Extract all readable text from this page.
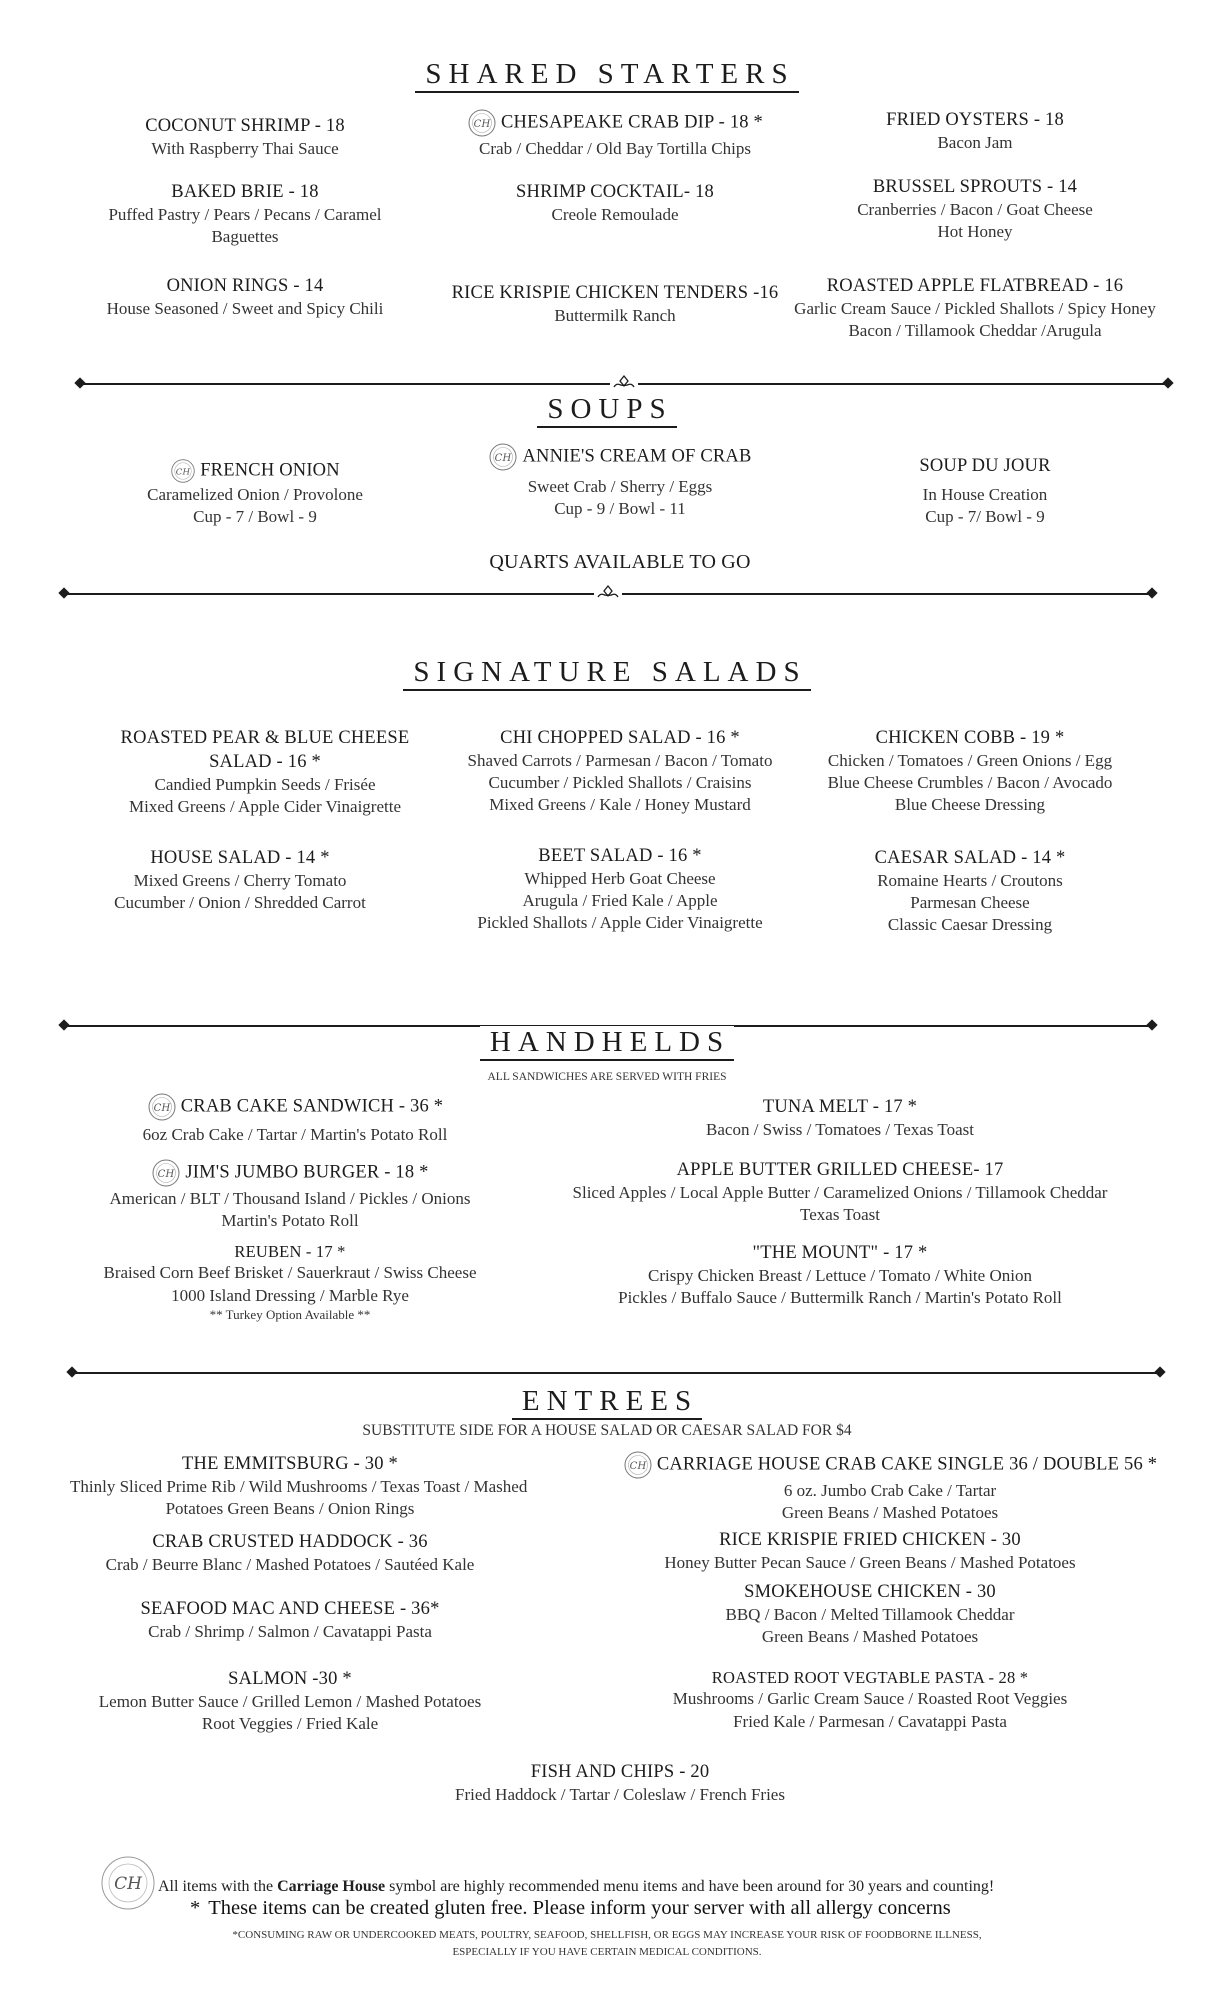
SHARED STARTERS
COCONUT SHRIMP - 18
With Raspberry Thai Sauce
CH CHESAPEAKE CRAB DIP - 18 *
Crab / Cheddar / Old Bay Tortilla Chips
FRIED OYSTERS - 18
Bacon Jam
BAKED BRIE - 18
Puffed Pastry / Pears / Pecans / Caramel
Baguettes
SHRIMP COCKTAIL- 18
Creole Remoulade
BRUSSEL SPROUTS - 14
Cranberries / Bacon / Goat Cheese
Hot Honey
ONION RINGS - 14
House Seasoned / Sweet and Spicy Chili
RICE KRISPIE CHICKEN TENDERS -16
Buttermilk Ranch
ROASTED APPLE FLATBREAD - 16
Garlic Cream Sauce / Pickled Shallots / Spicy Honey
Bacon / Tillamook Cheddar /Arugula
SOUPS
CH FRENCH ONION
Caramelized Onion / Provolone
Cup - 7 / Bowl - 9
CH ANNIE'S CREAM OF CRAB
Sweet Crab / Sherry / Eggs
Cup - 9 / Bowl - 11
SOUP DU JOUR
In House Creation
Cup - 7/ Bowl - 9
QUARTS AVAILABLE TO GO
SIGNATURE SALADS
ROASTED PEAR & BLUE CHEESE
SALAD - 16 *
Candied Pumpkin Seeds / Frisée
Mixed Greens / Apple Cider Vinaigrette
CHI CHOPPED SALAD - 16 *
Shaved Carrots / Parmesan / Bacon / Tomato
Cucumber / Pickled Shallots / Craisins
Mixed Greens / Kale / Honey Mustard
CHICKEN COBB - 19 *
Chicken / Tomatoes / Green Onions / Egg
Blue Cheese Crumbles / Bacon / Avocado
Blue Cheese Dressing
HOUSE SALAD - 14 *
Mixed Greens / Cherry Tomato
Cucumber / Onion / Shredded Carrot
BEET SALAD - 16 *
Whipped Herb Goat Cheese
Arugula / Fried Kale / Apple
Pickled Shallots / Apple Cider Vinaigrette
CAESAR SALAD - 14 *
Romaine Hearts / Croutons
Parmesan Cheese
Classic Caesar Dressing
HANDHELDS
ALL SANDWICHES ARE SERVED WITH FRIES
CH CRAB CAKE SANDWICH - 36 *
6oz Crab Cake / Tartar / Martin's Potato Roll
TUNA MELT - 17 *
Bacon / Swiss / Tomatoes / Texas Toast
CH JIM'S JUMBO BURGER - 18 *
American / BLT / Thousand Island / Pickles / Onions
Martin's Potato Roll
APPLE BUTTER GRILLED CHEESE- 17
Sliced Apples / Local Apple Butter / Caramelized Onions / Tillamook Cheddar
Texas Toast
REUBEN - 17 *
Braised Corn Beef Brisket / Sauerkraut / Swiss Cheese
1000 Island Dressing / Marble Rye
** Turkey Option Available **
"THE MOUNT" - 17 *
Crispy Chicken Breast / Lettuce / Tomato / White Onion
Pickles / Buffalo Sauce / Buttermilk Ranch / Martin's Potato Roll
ENTREES
SUBSTITUTE SIDE FOR A HOUSE SALAD OR CAESAR SALAD FOR $4
THE EMMITSBURG - 30 *
Thinly Sliced Prime Rib / Wild Mushrooms / Texas Toast / Mashed
Potatoes Green Beans / Onion Rings
CH CARRIAGE HOUSE CRAB CAKE SINGLE 36 / DOUBLE 56 *
6 oz. Jumbo Crab Cake / Tartar
Green Beans / Mashed Potatoes
CRAB CRUSTED HADDOCK - 36
Crab / Beurre Blanc / Mashed Potatoes / Sautéed Kale
RICE KRISPIE FRIED CHICKEN - 30
Honey Butter Pecan Sauce / Green Beans / Mashed Potatoes
SEAFOOD MAC AND CHEESE - 36*
Crab / Shrimp / Salmon / Cavatappi Pasta
SMOKEHOUSE CHICKEN - 30
BBQ / Bacon / Melted Tillamook Cheddar
Green Beans / Mashed Potatoes
SALMON -30 *
Lemon Butter Sauce / Grilled Lemon / Mashed Potatoes
Root Veggies / Fried Kale
ROASTED ROOT VEGTABLE PASTA - 28 *
Mushrooms / Garlic Cream Sauce / Roasted Root Veggies
Fried Kale / Parmesan / Cavatappi Pasta
FISH AND CHIPS - 20
Fried Haddock / Tartar / Coleslaw / French Fries
CH All items with the Carriage House symbol are highly recommended menu items and have been around for 30 years and counting!
* These items can be created gluten free. Please inform your server with all allergy concerns
*CONSUMING RAW OR UNDERCOOKED MEATS, POULTRY, SEAFOOD, SHELLFISH, OR EGGS MAY INCREASE YOUR RISK OF FOODBORNE ILLNESS,
ESPECIALLY IF YOU HAVE CERTAIN MEDICAL CONDITIONS.
